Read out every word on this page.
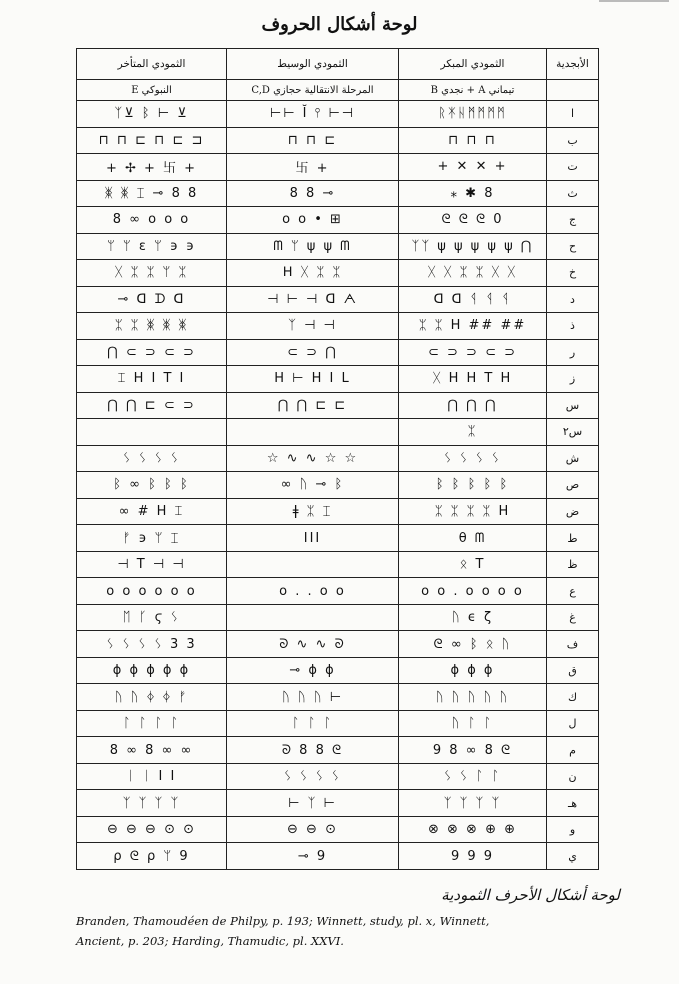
لوحة أشكال الحروف
الأبجدية	الثمودي المبكر	الثمودي الوسيط	الثمودي المتأخر
	تيماني A + نجدي B	المرحلة الانتقالية حجازي C,D	النبوكي E
ا	ᚱᛡᚺᛗᛗᛗᛗ	⊢⊢ Ĭ ⫯ ⊢⊣	ᛉ⊻ ᛒ ⊢ ⊻
ب	⊓ ⊓ ⊓	⊓ ⊓ ⊏	⊓ ⊓ ⊏ ⊓ ⊏ ⊐
ت	+ ✕ ✕ +	卐 +	+ ✢ + 卐 +
ث	⁎ ✱ 8	8 8 ⊸	ᛤ ᛤ ⌶ ⊸ 8 8
ج	ᘓ ᘓ ᘓ 0	o o • ⊞	8 ∞ o o o
ح	ᛉᛉ ψ ψ ψ ψ ψ ⋂	ᗰ ᛘ ψ ψ ᗰ	ᛘ ᛘ ε ᛘ ϶ ϶
خ	ᚷ ᚷ ᛯ ᛯ ᚷ ᚷ	ᕼ ᚷ ᛯ ᛯ	ᚷ ᛯ ᛯ ᛘ ᛯ
د	ᗡ ᗡ ᛩ ᛩ ᛩ	⊣ ⊢ ⊣ ᗡ ᗅ	⊸ ᗡ ᗪ ᗡ
ذ	ᛯ ᛯ H ## ##	ᛉ ⊣ ⊣	ᛯ ᛯ ᛤ ᛤ ᛤ
ر	⊂ ⊃ ⊃ ⊂ ⊃	⊂ ⊃ ⋂	⋂ ⊂ ⊃ ⊂ ⊃
ز	ᚷ H H T H	H ⊢ H I L	⌶ H I T I
س	⋂ ⋂ ⋂	⋂ ⋂ ⊏ ⊏	⋂ ⋂ ⊏ ⊂ ⊃
س٢	ᛯ		
ش	ᛊ ᛊ ᛊ ᛊ	☆ ∿ ∿ ☆ ☆	ᛊ ᛊ ᛊ ᛊ
ص	ᛒ ᛒ ᛒ ᛒ ᛒ	∞ ᚢ ⊸ ᛒ	ᛒ ∞ ᛒ ᛒ ᛒ
ض	ᛯ ᛯ ᛯ ᛯ H	ǂ ᛯ ⌶	∞ # H ⌶
ط	θ ᗰ	III	ᚠ ϶ ᛘ ⌶
ظ	ᛟ T		⊣ T ⊣ ⊣
ع	o o . o o o o	o . . o o	o o o o o o
غ	ᚢ ϵ ζ		ᛖ ᚴ ϛ ᛊ
ف	ᘓ ∞ ᛒ ᛟ ᚢ	ᘐ ∿ ∿ ᘐ	ᛊ ᛊ ᛊ ᛊ 3 3
ق	ϕ ϕ ϕ	⊸ ϕ ϕ	ϕ ϕ ϕ ϕ ϕ
ك	ᚢ ᚢ ᚢ ᚢ ᚢ	ᚢ ᚢ ᚢ ⊢	ᚢ ᚢ ᛄ ᛄ ᚠ
ل	ᚢ ᛚ ᛚ	ᛚ ᛚ ᛚ	ᛚ ᛚ ᛚ ᛚ
م	9 8 ∞ 8 ᘓ	ᘐ 8 8 ᘓ	8 ∞ 8 ∞ ∞
ن	ᛊ ᛊ ᛚ ᛚ	ᛊ ᛊ ᛊ ᛊ	ᛁ ᛁ I I
هـ	ᛉ ᛉ ᛉ ᛉ	⊢ ᛉ ⊢	ᛉ ᛉ ᛉ ᛉ
و	⊗ ⊗ ⊗ ⊕ ⊕	⊖ ⊖ ⊙	⊖ ⊖ ⊖ ⊙ ⊙
ي	9 9 9	⊸ 9	ρ ᘓ ρ ᛘ 9
لوحة أشكال الأحرف الثمودية
Branden, Thamoudéen de Philpy, p. 193; Winnett, study, pl. x, Winnett,
Ancient, p. 203; Harding, Thamudic, pl. XXVI.
